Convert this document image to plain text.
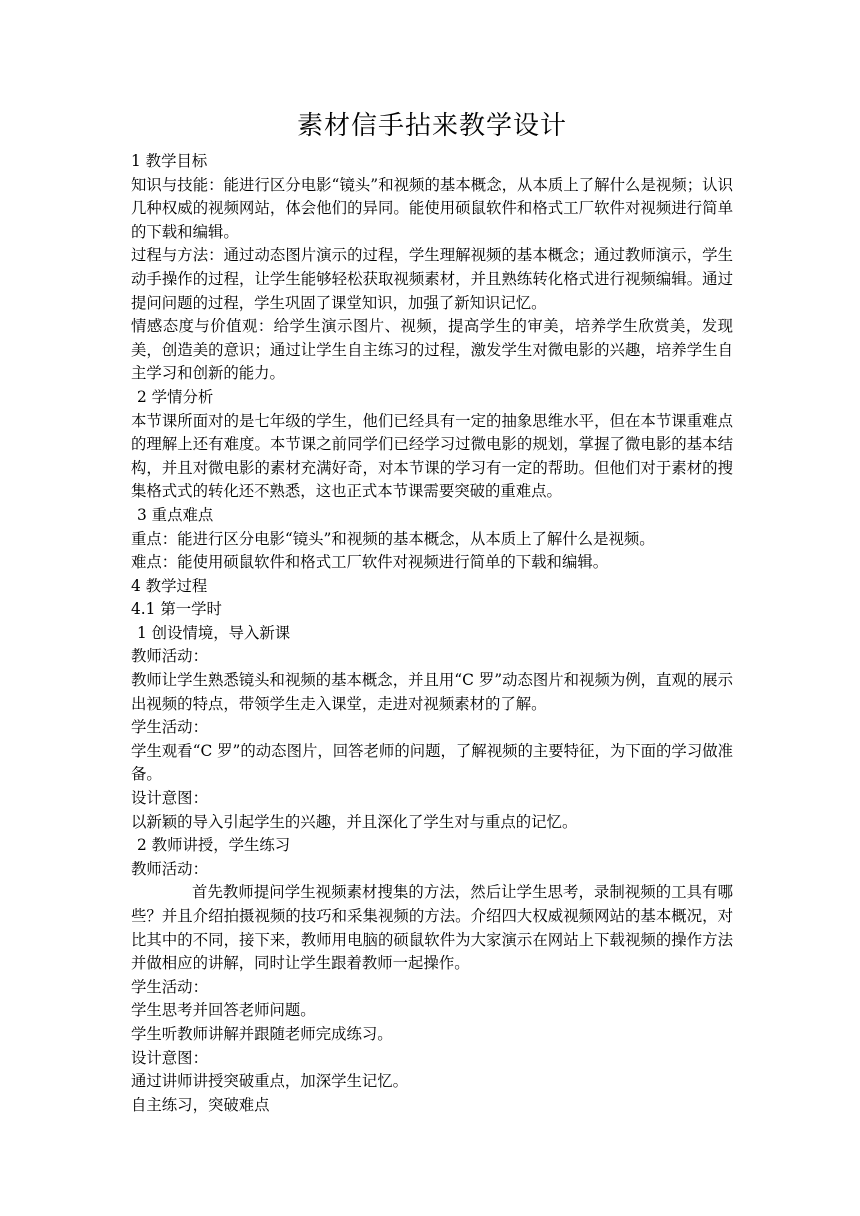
素材信手拈来教学设计

1 教学目标

知识与技能：能进行区分电影“镜头”和视频的基本概念，从本质上了解什么是视频；认识几种权威的视频网站，体会他们的异同。能使用硕鼠软件和格式工厂软件对视频进行简单的下载和编辑。

过程与方法：通过动态图片演示的过程，学生理解视频的基本概念；通过教师演示，学生动手操作的过程，让学生能够轻松获取视频素材，并且熟练转化格式进行视频编辑。通过提问问题的过程，学生巩固了课堂知识，加强了新知识记忆。

情感态度与价值观：给学生演示图片、视频，提高学生的审美，培养学生欣赏美，发现美，创造美的意识；通过让学生自主练习的过程，激发学生对微电影的兴趣，培养学生自主学习和创新的能力。

2 学情分析

本节课所面对的是七年级的学生，他们已经具有一定的抽象思维水平，但在本节课重难点的理解上还有难度。本节课之前同学们已经学习过微电影的规划，掌握了微电影的基本结构，并且对微电影的素材充满好奇，对本节课的学习有一定的帮助。但他们对于素材的搜集格式式的转化还不熟悉，这也正式本节课需要突破的重难点。

3 重点难点

重点：能进行区分电影“镜头”和视频的基本概念，从本质上了解什么是视频。

难点：能使用硕鼠软件和格式工厂软件对视频进行简单的下载和编辑。

4 教学过程

4.1 第一学时

1 创设情境，导入新课

教师活动：

教师让学生熟悉镜头和视频的基本概念，并且用“C 罗”动态图片和视频为例，直观的展示出视频的特点，带领学生走入课堂，走进对视频素材的了解。

学生活动：

学生观看“C 罗”的动态图片，回答老师的问题，了解视频的主要特征，为下面的学习做准备。

设计意图：

以新颖的导入引起学生的兴趣，并且深化了学生对与重点的记忆。

2 教师讲授，学生练习

教师活动：

首先教师提问学生视频素材搜集的方法，然后让学生思考，录制视频的工具有哪些？并且介绍拍摄视频的技巧和采集视频的方法。介绍四大权威视频网站的基本概况，对比其中的不同，接下来，教师用电脑的硕鼠软件为大家演示在网站上下载视频的操作方法并做相应的讲解，同时让学生跟着教师一起操作。

学生活动：

学生思考并回答老师问题。

学生听教师讲解并跟随老师完成练习。

设计意图：

通过讲师讲授突破重点，加深学生记忆。

自主练习，突破难点
